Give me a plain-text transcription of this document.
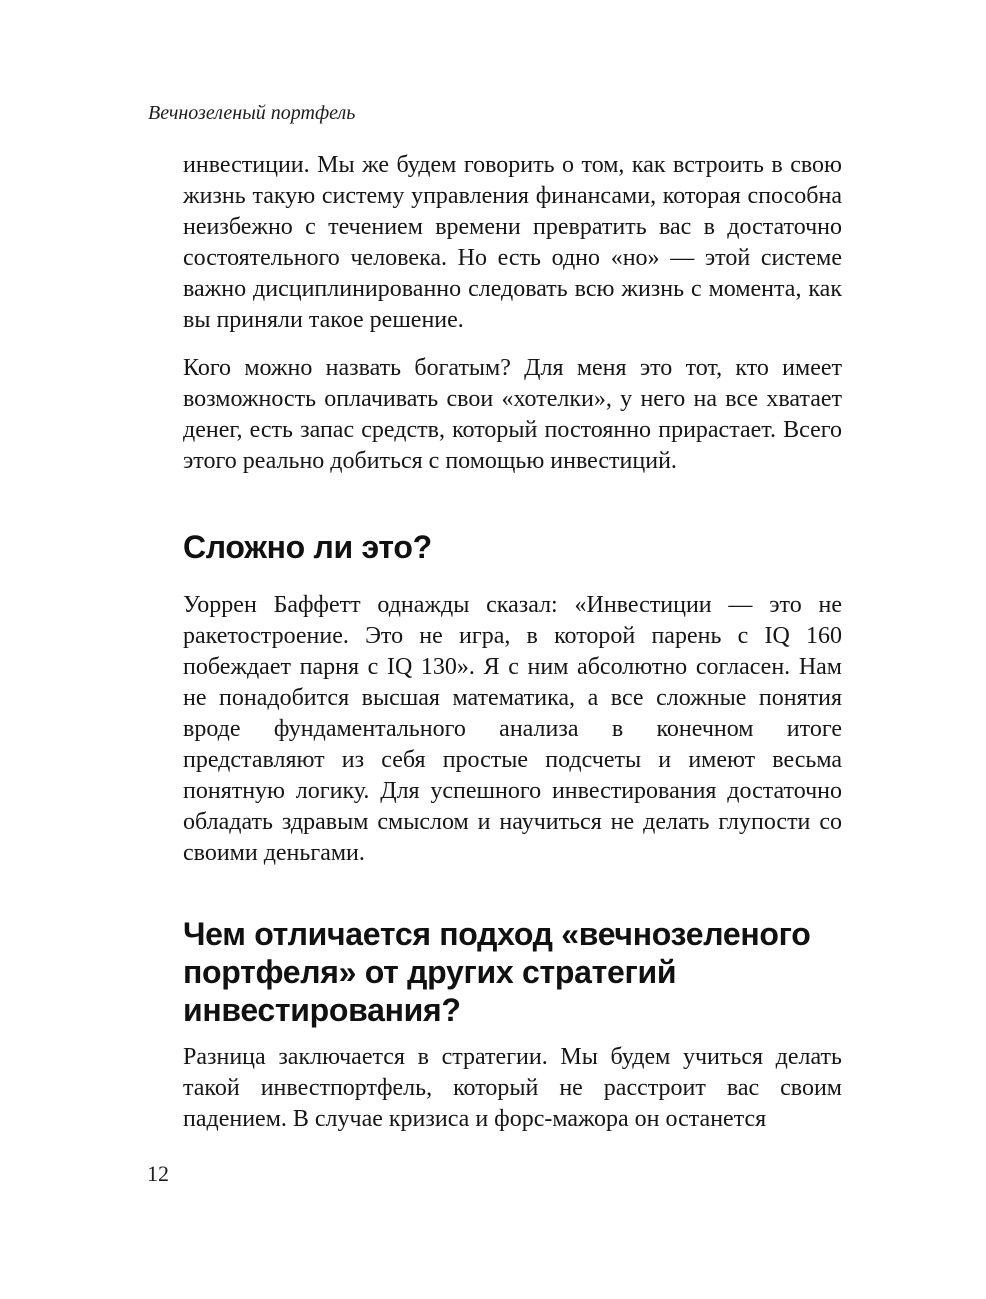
Вечнозеленый портфель

инвестиции. Мы же будем говорить о том, как встроить в свою жизнь такую систему управления финансами, которая способна неизбежно с течением времени превратить вас в достаточно состоятельного человека. Но есть одно «но» — этой системе важно дисциплинированно следовать всю жизнь с момента, как вы приняли такое решение.

Кого можно назвать богатым? Для меня это тот, кто имеет возможность оплачивать свои «хотелки», у него на все хватает денег, есть запас средств, который постоянно прирастает. Всего этого реально добиться с помощью инвестиций.

Сложно ли это?

Уоррен Баффетт однажды сказал: «Инвестиции — это не ракетостроение. Это не игра, в которой парень с IQ 160 побеждает парня с IQ 130». Я с ним абсолютно согласен. Нам не понадобится высшая математика, а все сложные понятия вроде фундаментального анализа в конечном итоге представляют из себя простые подсчеты и имеют весьма понятную логику. Для успешного инвестирования достаточно обладать здравым смыслом и научиться не делать глупости со своими деньгами.

Чем отличается подход «вечнозеленого портфеля» от других стратегий инвестирования?

Разница заключается в стратегии. Мы будем учиться делать такой инвестпортфель, который не расстроит вас своим падением. В случае кризиса и форс-мажора он останется

12
